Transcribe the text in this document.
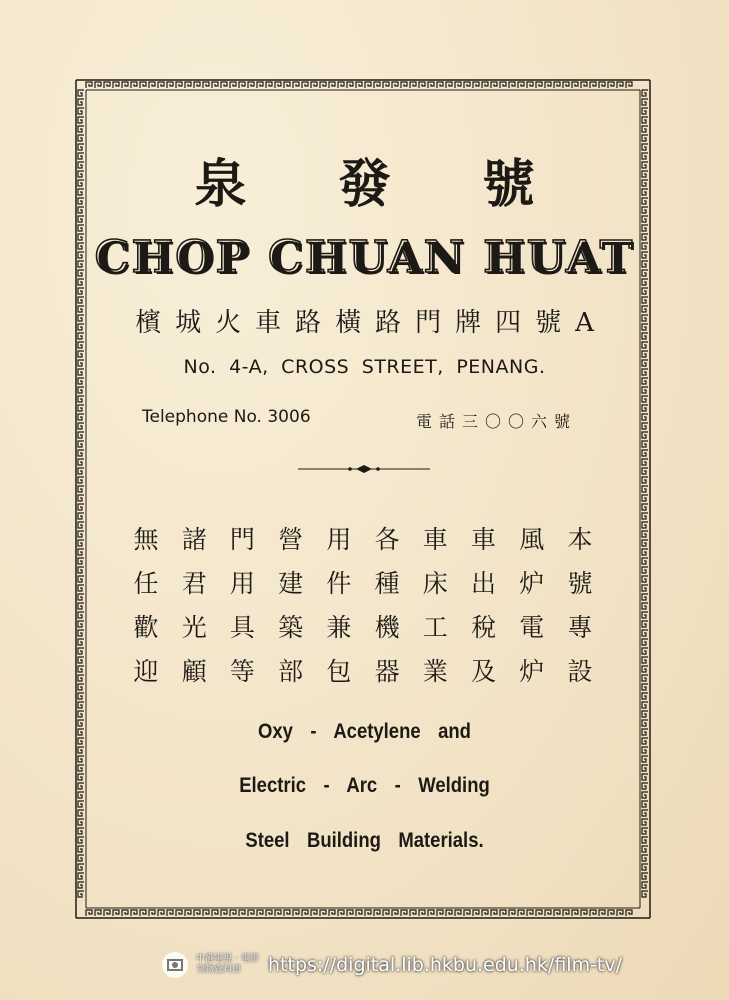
泉發號
CHOP CHUAN HUAT
檳城火車路橫路門牌四號A
No. 4-A, CROSS STREET, PENANG.
Telephone No. 3006	電話三〇〇六號
無 諸 門 營 用 各 車 車 風 本
任 君 用 建 件 種 床 出 炉 號
歡 光 具 築 兼 機 工 稅 電 專
迎 顧 等 部 包 器 業 及 炉 設
Oxy - Acetylene and
Electric - Arc - Welding
Steel Building Materials.
中港電視‧電影 刊物資料庫	https://digital.lib.hkbu.edu.hk/film-tv/
